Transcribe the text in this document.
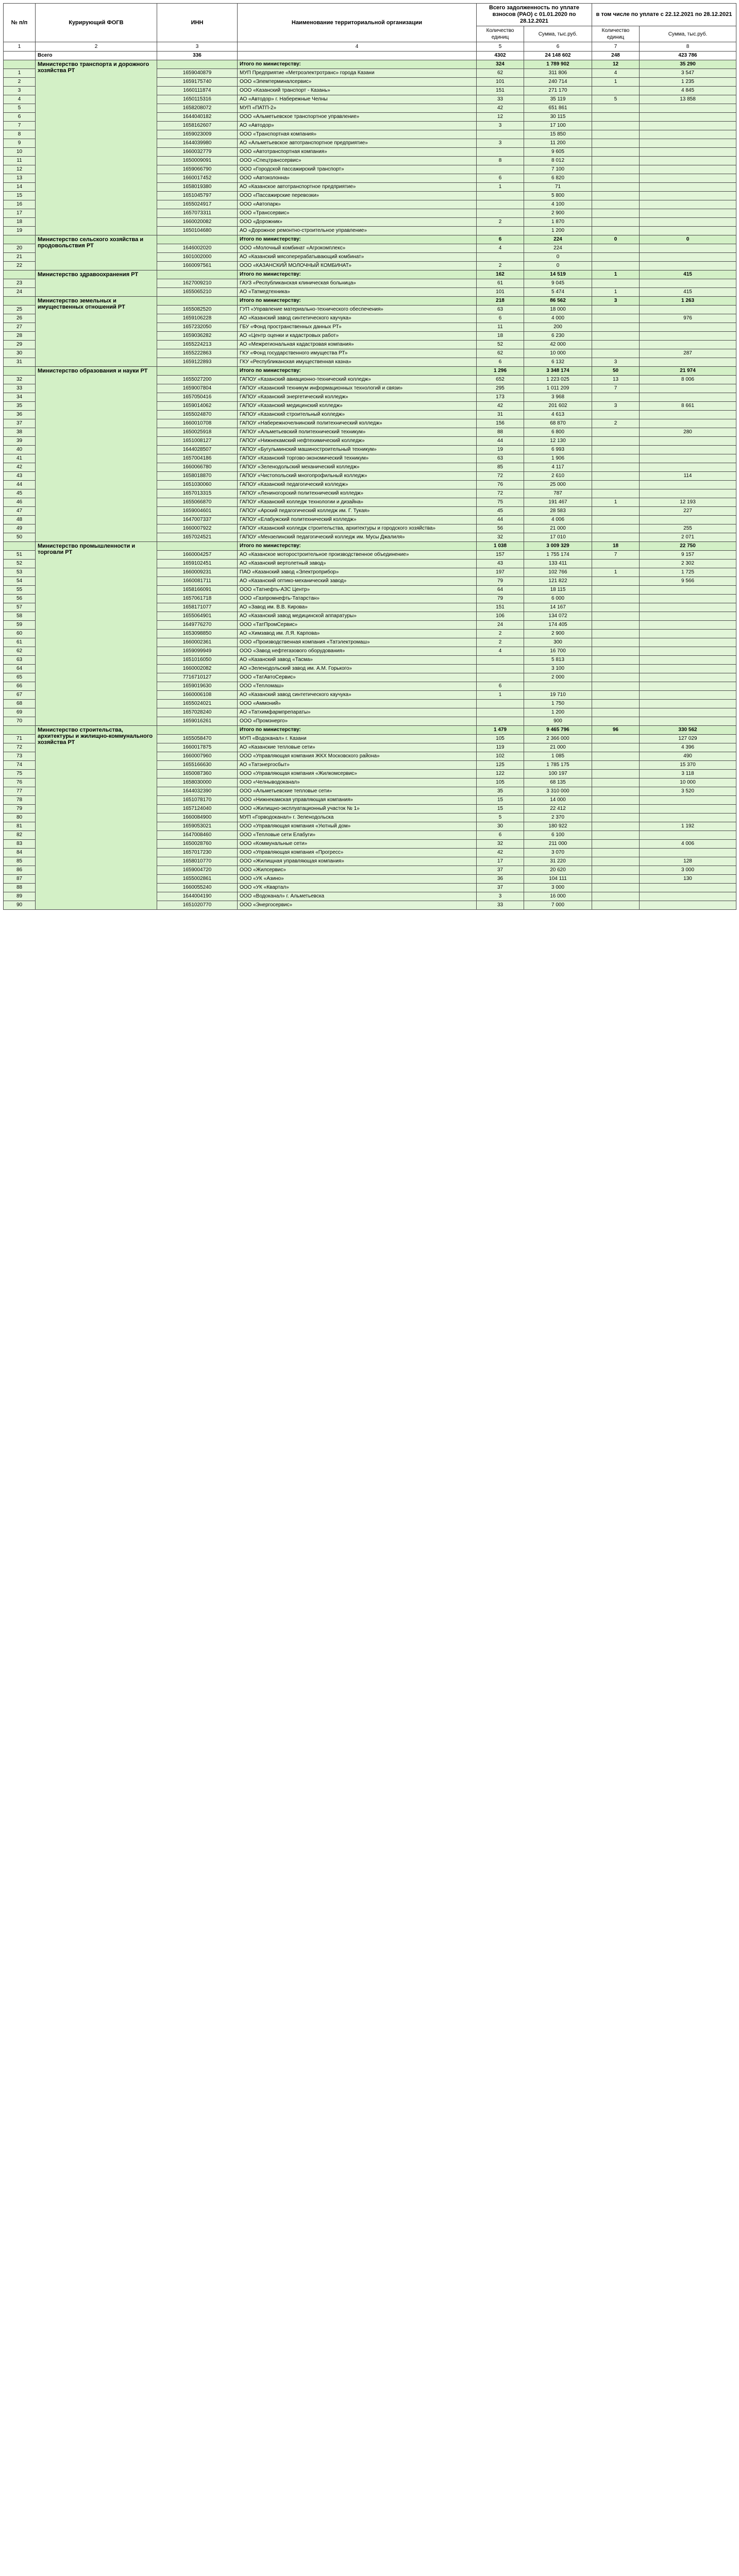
№ п/п	Курирующий ФОГВ	ИНН	Наименование территориальной организации	Всего задолженность по уплате взносов (РАО) с 01.01.2020 по 28.12.2021		в том числе по уплате с 22.12.2021 по 28.12.2021	
				Количество единиц	Сумма, тыс.руб.	Количество единиц	Сумма, тыс.руб.
1	2	3	4	5	6	7	8
	Всего	336		4302	24 148 602	248	423 786
	Министерство транспорта и дорожного хозяйства РТ		Итого по министерству:	324	1 789 902	12	35 290
1		1659040879	МУП Предприятие «Метроэлектротранс» города Казани	62	311 806	4	3 547
2		1659175740	ООО «Элемтерминалсервис»	101	240 714	1	1 235
3		1660111874	ООО «Казанский транспорт - Казань»	151	271 170		4 845
4		1650115316	АО «Автодор» г. Набережные Челны	33	35 119	5	13 858
5		1658208072	МУП «ПАТП-2»	42	651 861		
6		1644040182	ООО «Альметьевское транспортное управление»	12	30 115		
7		1658162607	АО «Автодор»	3	17 100		
8		1659023009	ООО «Транспортная компания»		15 850		
9		1644039980	АО «Альметьевское автотранспортное предприятие»	3	11 200		
10		1660032779	ООО «Автотранспортная компания»		9 605		
11		1650009091	ООО «Спецтранссервис»	8	8 012		
12		1659066790	ООО «Городской пассажирский транспорт»		7 100		
13		1660017452	ООО «Автоколонна»	6	6 820		
14		1658019380	АО «Казанское автотранспортное предприятие»	1	71		
15		1651045797	ООО «Пассажирские перевозки»		5 800		
16		1655024917	ООО «Автопарк»		4 100		
17		1657073311	ООО «Транссервис»		2 900		
18		1660020082	ООО «Дорожник»	2	1 870		
19		1650104680	АО «Дорожное ремонтно-строительное управление»		1 200		
	Министерство сельского хозяйства и продовольствия РТ		Итого по министерству:	6	224	0	0
20		1646002020	ООО «Молочный комбинат «Агрокомплекс»	4	224		
21		1601002000	АО «Казанский мясоперерабатывающий комбинат»		0		
22		1660097561	ООО «КАЗАНСКИЙ МОЛОЧНЫЙ КОМБИНАТ»	2	0		
	Министерство здравоохранения РТ		Итого по министерству:	162	14 519	1	415
23		1627009210	ГАУЗ «Республиканская клиническая больница»	61	9 045		
24		1655065210	АО «Татмедтехника»	101	5 474	1	415
	Министерство земельных и имущественных отношений РТ		Итого по министерству:	218	86 562	3	1 263
25		1655082520	ГУП «Управление материально-технического обеспечения»	63	18 000		
26		1659106228	АО «Казанский завод синтетического каучука»	6	4 000		976
27		1657232050	ГБУ «Фонд пространственных данных РТ»	11	200		
28		1659036282	АО «Центр оценки и кадастровых работ»	18	6 230		
29		1655224213	АО «Межрегиональная кадастровая компания»	52	42 000		
30		1655222863	ГКУ «Фонд государственного имущества РТ»	62	10 000		287
31		1659122893	ГКУ «Республиканская имущественная казна»	6	6 132	3	
	Министерство образования и науки РТ		Итого по министерству:	1 296	3 348 174	50	21 974
32		1655027200	ГАПОУ «Казанский авиационно-технический колледж»	652	1 223 025	13	8 006
33		1659007804	ГАПОУ «Казанский техникум информационных технологий и связи»	295	1 011 209	7	
34		1657050416	ГАПОУ «Казанский энергетический колледж»	173	3 968		
35		1659014062	ГАПОУ «Казанский медицинский колледж»	42	201 602	3	8 661
36		1655024870	ГАПОУ «Казанский строительный колледж»	31	4 613		
37		1660010708	ГАПОУ «Набережночелнинский политехнический колледж»	156	68 870	2	
38		1650025918	ГАПОУ «Альметьевский политехнический техникум»	88	6 800		280
39		1651008127	ГАПОУ «Нижнекамский нефтехимический колледж»	44	12 130		
40		1644028507	ГАПОУ «Бугульминский машиностроительный техникум»	19	6 993		
41		1657004186	ГАПОУ «Казанский торгово-экономический техникум»	63	1 906		
42		1660066780	ГАПОУ «Зеленодольский механический колледж»	85	4 117		
43		1658018870	ГАПОУ «Чистопольский многопрофильный колледж»	72	2 610		114
44		1651030060	ГАПОУ «Казанский педагогический колледж»	76	25 000		
45		1657013315	ГАПОУ «Лениногорский политехнический колледж»	72	787		
46		1655066870	ГАПОУ «Казанский колледж технологии и дизайна»	75	191 467	1	12 193
47		1659004601	ГАПОУ «Арский педагогический колледж им. Г. Тукая»	45	28 583		227
48		1647007337	ГАПОУ «Елабужский политехнический колледж»	44	4 006		
49		1660007922	ГАПОУ «Казанский колледж строительства, архитектуры и городского хозяйства»	56	21 000		255
50		1657024521	ГАПОУ «Мензелинский педагогический колледж им. Мусы Джалиля»	32	17 010		2 071
	Министерство промышленности и торговли РТ		Итого по министерству:	1 038	3 009 329	18	22 750
51		1660004257	АО «Казанское моторостроительное производственное объединение»	157	1 755 174	7	9 157
52		1659102451	АО «Казанский вертолетный завод»	43	133 411		2 302
53		1660009231	ПАО «Казанский завод «Электроприбор»	197	102 766	1	1 725
54		1660081711	АО «Казанский оптико-механический завод»	79	121 822		9 566
55		1658166091	ООО «Татнефть-АЗС Центр»	64	18 115		
56		1657061718	ООО «Газпромнефть-Татарстан»	79	6 000		
57		1658171077	АО «Завод им. В.В. Кирова»	151	14 167		
58		1655064901	АО «Казанский завод медицинской аппаратуры»	106	134 072		
59		1649776270	ООО «ТатПромСервис»	24	174 405		
60		1653098850	АО «Химзавод им. Л.Я. Карпова»	2	2 900		
61		1660002361	ООО «Производственная компания «Татэлектромаш»	2	300		
62		1659099949	ООО «Завод нефтегазового оборудования»	4	16 700		
63		1651016050	АО «Казанский завод «Тасма»		5 813		
64		1660002082	АО «Зеленодольский завод им. А.М. Горького»		3 100		
65		7716710127	ООО «ТатАвтоСервис»		2 000		
66		1659019630	ООО «Тепломаш»	6			
67		1660006108	АО «Казанский завод синтетического каучука»	1	19 710		
68		1655024021	ООО «Аммоний»		1 750		
69		1657028240	АО «Татхимфармпрепараты»		1 200		
70		1659016261	ООО «Промэнерго»		900		
	Министерство строительства, архитектуры и жилищно-коммунального хозяйства РТ		Итого по министерству:	1 479	9 465 796	96	330 562
71		1655058470	МУП «Водоканал» г. Казани	105	2 366 000		127 029
72		1660017875	АО «Казанские тепловые сети»	119	21 000		4 396
73		1660007960	ООО «Управляющая компания ЖКХ Московского района»	102	1 085		490
74		1655166630	АО «Татэнергосбыт»	125	1 785 175		15 370
75		1650087360	ООО «Управляющая компания «Жилкомсервис»	122	100 197		3 118
76		1658030000	ООО «Челныводоканал»	105	68 135		10 000
77		1644032390	ООО «Альметьевские тепловые сети»	35	3 310 000		3 520
78		1651078170	ООО «Нижнекамская управляющая компания»	15	14 000		
79		1657124040	ООО «Жилищно-эксплуатационный участок № 1»	15	22 412		
80		1660084900	МУП «Горводоканал» г. Зеленодольска	5	2 370		
81		1659053021	ООО «Управляющая компания «Уютный дом»	30	180 922		1 192
82		1647008460	ООО «Тепловые сети Елабуги»	6	6 100		
83		1650028760	ООО «Коммунальные сети»	32	211 000		4 006
84		1657017230	ООО «Управляющая компания «Прогресс»	42	3 070		
85		1658010770	ООО «Жилищная управляющая компания»	17	31 220		128
86		1659004720	ООО «Жилсервис»	37	20 620		3 000
87		1655002861	ООО «УК «Азино»	36	104 111		130
88		1660055240	ООО «УК «Квартал»	37	3 000		
89		1644004190	ООО «Водоканал» г. Альметьевска	3	16 000		
90		1651020770	ООО «Энергосервис»	33	7 000		
